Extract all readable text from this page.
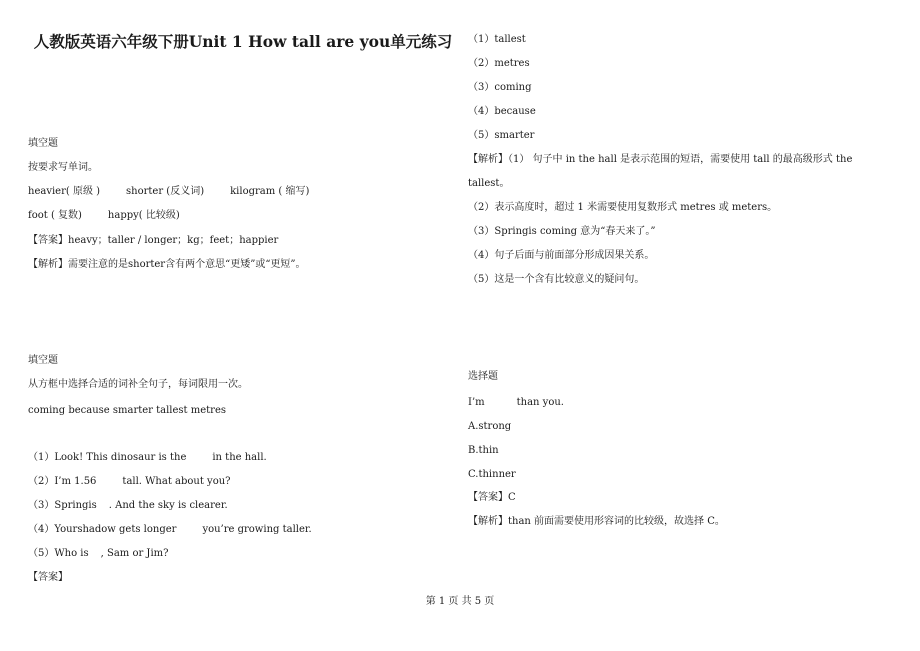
人教版英语六年级下册Unit 1 How tall are you单元练习
填空题
按要求写单词。
heavier( 原级 )	shorter (反义词)	kilogram ( 缩写)
foot ( 复数)	happy( 比较级)
【答案】heavy；taller / longer；kg；feet；happier
【解析】需要注意的是shorter含有两个意思“更矮”或“更短”。
填空题
从方框中选择合适的词补全句子，每词限用一次。
coming because smarter tallest metres
（1）Look! This dinosaur is the	in the hall.
（2）I’m 1.56	tall. What about you?
（3）Springis . And the sky is clearer.
（4）Yourshadow gets longer	you’re growing taller.
（5）Who is , Sam or Jim?
【答案】
（1）tallest
（2）metres
（3）coming
（4）because
（5）smarter
【解析】（1） 句子中 in the hall 是表示范围的短语，需要使用 tall 的最高级形式 the
tallest。
（2）表示高度时，超过 1 米需要使用复数形式 metres 或 meters。
（3）Springis coming 意为“春天来了。”
（4）句子后面与前面部分形成因果关系。
（5）这是一个含有比较意义的疑问句。
选择题
I’m	than you.
A.strong
B.thin
C.thinner
【答案】C
【解析】than 前面需要使用形容词的比较级，故选择 C。
第 1 页 共 5 页
